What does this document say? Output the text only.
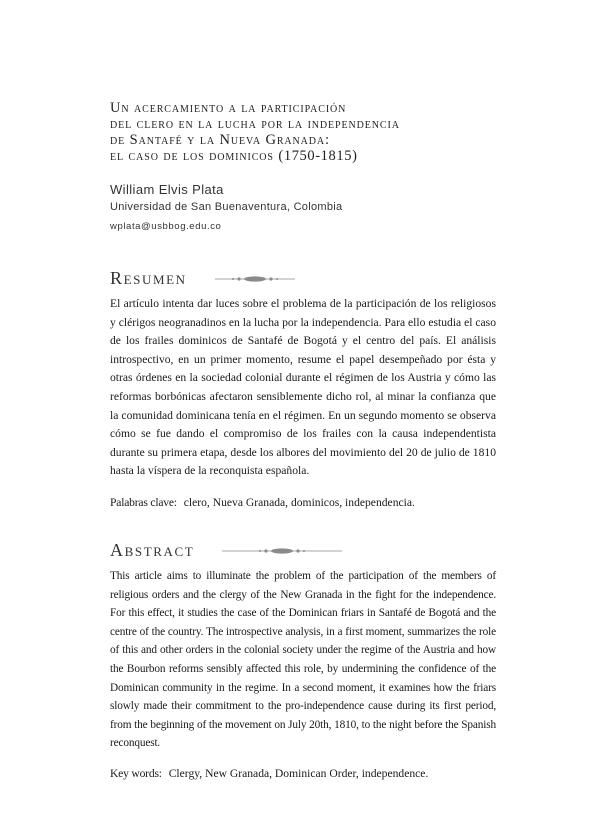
Un acercamiento a la participación
del clero en la lucha por la independencia
de Santafé y la Nueva Granada:
el caso de los dominicos (1750-1815)
William Elvis Plata
Universidad de San Buenaventura, Colombia
wplata@usbbog.edu.co
Resumen

El artículo intenta dar luces sobre el problema de la participación de los religiosos y clérigos neogranadinos en la lucha por la independencia. Para ello estudia el caso de los frailes dominicos de Santafé de Bogotá y el centro del país. El análisis introspectivo, en un primer momento, resume el papel desempeñado por ésta y otras órdenes en la sociedad colonial durante el régimen de los Austria y cómo las reformas borbónicas afectaron sensiblemente dicho rol, al minar la confianza que la comunidad dominicana tenía en el régimen. En un segundo momento se observa cómo se fue dando el compromiso de los frailes con la causa independentista durante su primera etapa, desde los albores del movimiento del 20 de julio de 1810 hasta la víspera de la reconquista española.

Palabras clave: clero, Nueva Granada, dominicos, independencia.
Abstract

This article aims to illuminate the problem of the participation of the members of religious orders and the clergy of the New Granada in the fight for the independence. For this effect, it studies the case of the Dominican friars in Santafé de Bogotá and the centre of the country. The introspective analysis, in a first moment, summarizes the role of this and other orders in the colonial society under the regime of the Austria and how the Bourbon reforms sensibly affected this role, by undermining the confidence of the Dominican community in the regime. In a second moment, it examines how the friars slowly made their commitment to the pro-independence cause during its first period, from the beginning of the movement on July 20th, 1810, to the night before the Spanish reconquest.

Key words: Clergy, New Granada, Dominican Order, independence.
